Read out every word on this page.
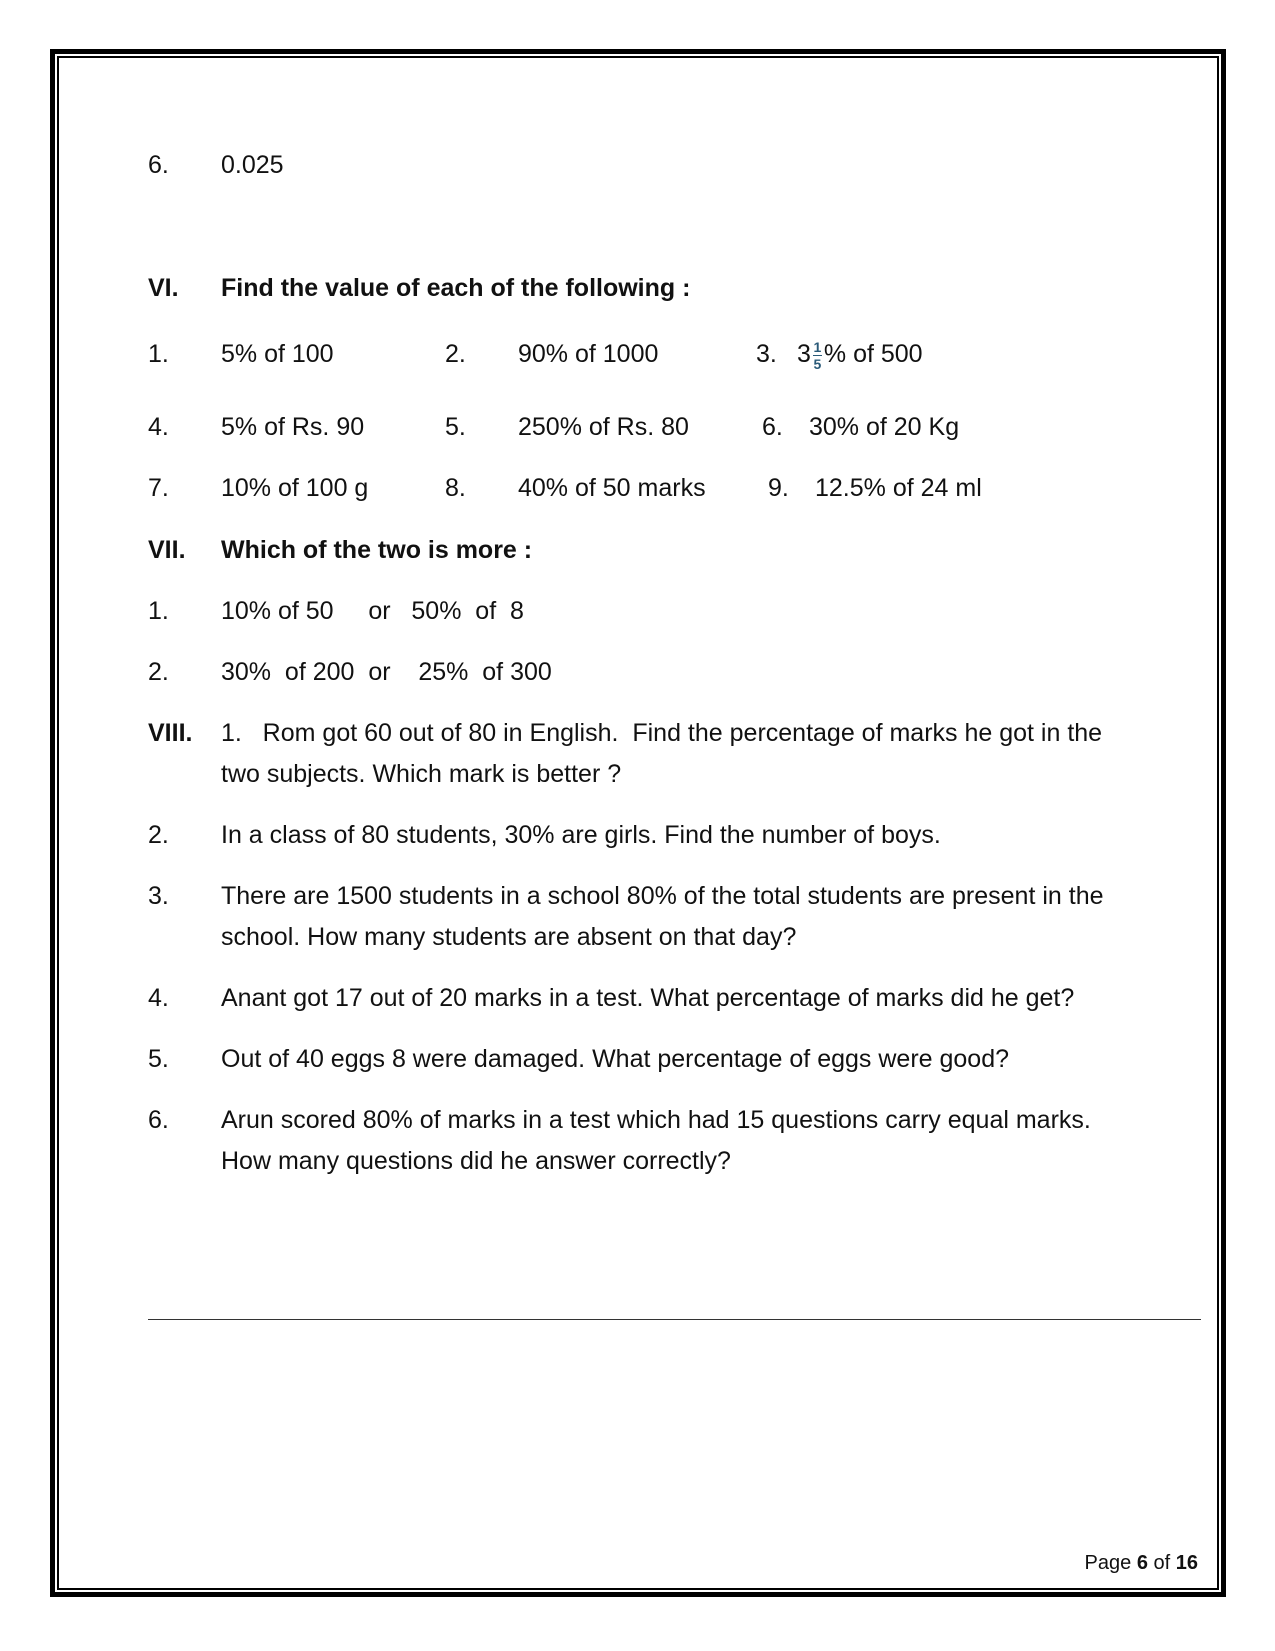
6. 0.025
VI. Find the value of each of the following :
1. 5% of 100	2. 90% of 1000	3. $3 \frac{1}{5}\%$ of 500
4. 5% of Rs. 90	5. 250% of Rs. 80	6. 30% of 20 Kg
7. 10% of 100 g	8. 40% of 50 marks 9. 12.5% of 24 ml
VII. Which of the two is more :
1. 10% of 50     or   50%  of  8
2. 30%  of 200  or    25%  of 300
VIII. 1.   Rom got 60 out of 80 in English.  Find the percentage of marks he got in the
two subjects. Which mark is better ?
2. In a class of 80 students, 30% are girls. Find the number of boys.
3. There are 1500 students in a school 80% of the total students are present in the
school. How many students are absent on that day?
4. Anant got 17 out of 20 marks in a test. What percentage of marks did he get?
5. Out of 40 eggs 8 were damaged. What percentage of eggs were good?
6. Arun scored 80% of marks in a test which had 15 questions carry equal marks.
How many questions did he answer correctly?
Page 6 of 16
